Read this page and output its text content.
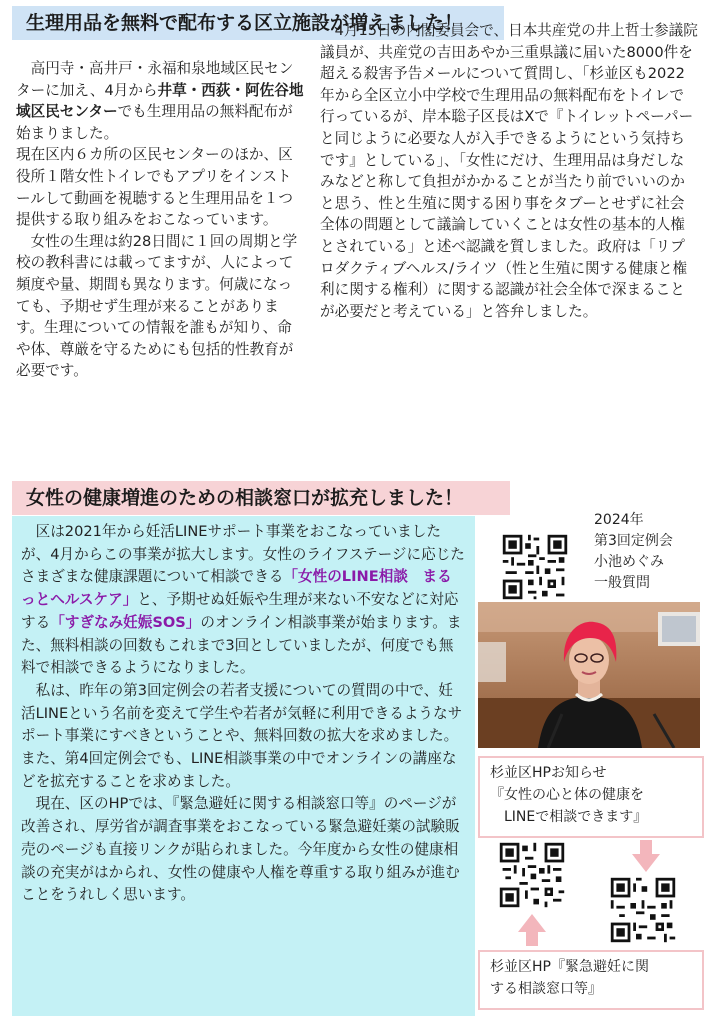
生理用品を無料で配布する区立施設が増えました！

高円寺・高井戸・永福和泉地域区民センターに加え、4月から井草・西荻・阿佐谷地域区民センターでも生理用品の無料配布が始まりました。

現在区内６カ所の区民センターのほか、区役所１階女性トイレでもアプリをインストールして動画を視聴すると生理用品を１つ提供する取り組みをおこなっています。

女性の生理は約28日間に１回の周期と学校の教科書には載ってますが、人によって頻度や量、期間も異なります。何歳になっても、予期せず生理が来ることがあります。生理についての情報を誰もが知り、命や体、尊厳を守るためにも包括的性教育が必要です。

4月15日の内閣委員会で、日本共産党の井上哲士参議院議員が、共産党の吉田あやか三重県議に届いた8000件を超える殺害予告メールについて質問し、「杉並区も2022年から全区立小中学校で生理用品の無料配布をトイレで行っているが、岸本聡子区長はXで『トイレットペーパーと同じように必要な人が入手できるようにという気持ちです』としている」、「女性にだけ、生理用品は身だしなみなどと称して負担がかかることが当たり前でいいのかと思う、性と生殖に関する困り事をタブーとせずに社会全体の問題として議論していくことは女性の基本的人権とされている」と述べ認識を質しました。政府は「リプロダクティブヘルス/ライツ（性と生殖に関する健康と権利に関する権利）に関する認識が社会全体で深まることが必要だと考えている」と答弁しました。

女性の健康増進のための相談窓口が拡充しました！

区は2021年から妊活LINEサポート事業をおこなっていましたが、4月からこの事業が拡大します。女性のライフステージに応じたさまざまな健康課題について相談できる「女性のLINE相談　まるっとヘルスケア」と、予期せぬ妊娠や生理が来ない不安などに対応する「すぎなみ妊娠SOS」のオンライン相談事業が始まります。また、無料相談の回数もこれまで3回としていましたが、何度でも無料で相談できるようになりました。

私は、昨年の第3回定例会の若者支援についての質問の中で、妊活LINEという名前を変えて学生や若者が気軽に利用できるようなサポート事業にすべきということや、無料回数の拡大を求めました。また、第4回定例会でも、LINE相談事業の中でオンラインの講座などを拡充することを求めました。

現在、区のHPでは、『緊急避妊に関する相談窓口等』のページが改善され、厚労省が調査事業をおこなっている緊急避妊薬の試験販売のページも直接リンクが貼られました。今年度から女性の健康相談の充実がはかられ、女性の健康や人権を尊重する取り組みが進むことをうれしく思います。

2024年
第3回定例会
小池めぐみ
一般質問
杉並区HPお知らせ
『女性の心と体の健康を
LINEで相談できます』
杉並区HP『緊急避妊に関
する相談窓口等』
